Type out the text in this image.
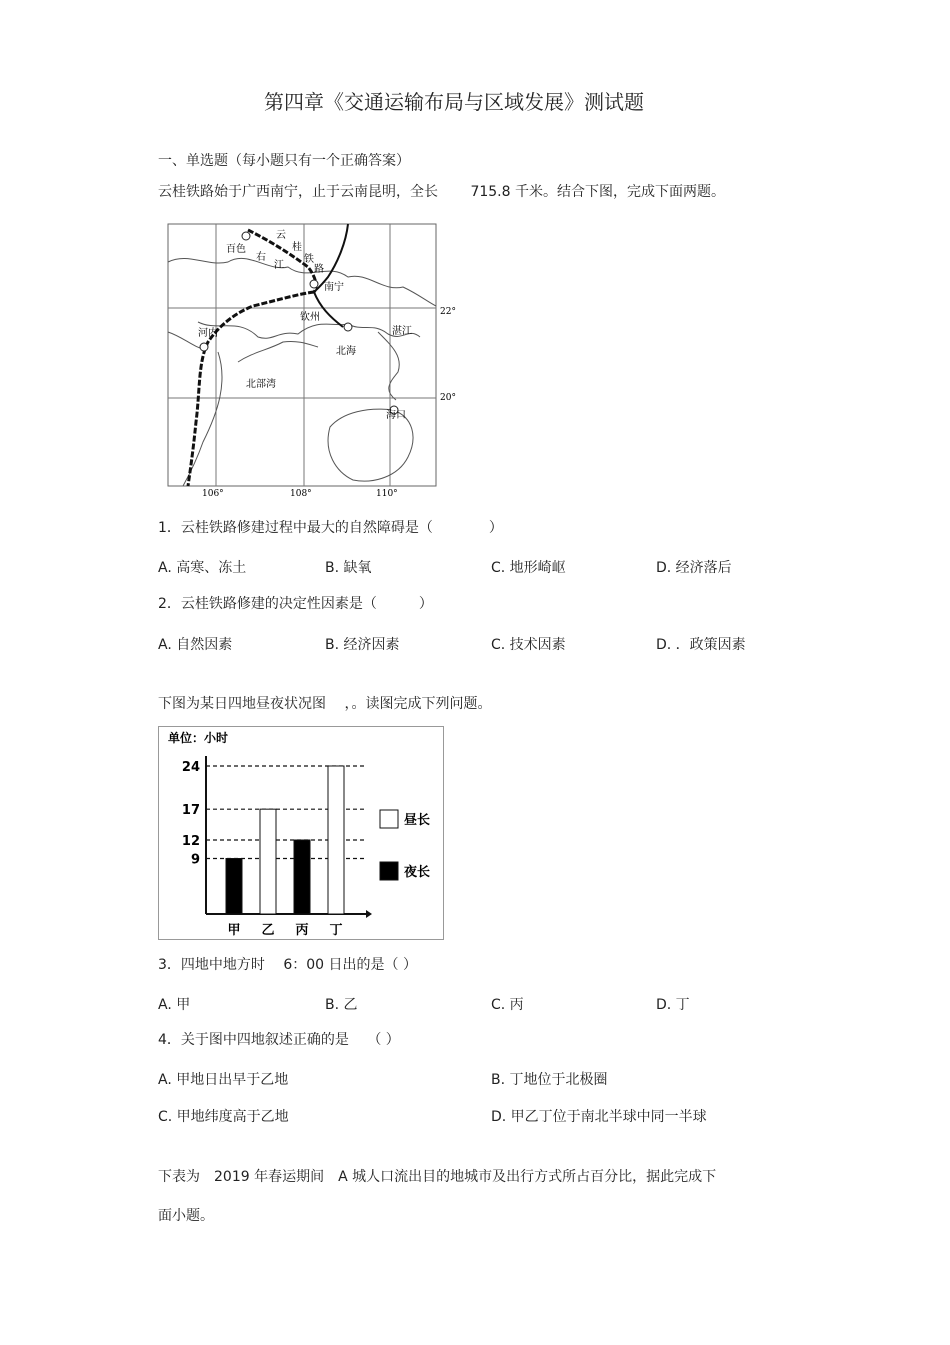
第四章《交通运输布局与区域发展》测试题
一、单选题（每小题只有一个正确答案）
云桂铁路始于广西南宁，止于云南昆明，全长　　 715.8 千米。结合下图，完成下面两题。
百色
右
江
云
桂
铁
路
南宁
钦州
河内
北海
湛江
北部湾
海口
22°
20°
106°	108°	110°
1．云桂铁路修建过程中最大的自然障碍是（　　　　）
A. 高寒、冻土	B. 缺氧	C. 地形崎岖	D. 经济落后
2．云桂铁路修建的决定性因素是（　　　）
A. 自然因素	B. 经济因素	C. 技术因素	D. ．政策因素
下图为某日四地昼夜状况图　 ，。读图完成下列问题。
单位：小时
24
17
12
9
甲 乙 丙 丁
昼长
夜长
3．四地中地方时　 6：00 日出的是（ ）
A. 甲	B. 乙	C. 丙	D. 丁
4．关于图中四地叙述正确的是　 （ ）
A. 甲地日出早于乙地	B. 丁地位于北极圈
C. 甲地纬度高于乙地	D. 甲乙丁位于南北半球中同一半球
下表为　2019 年春运期间　A 城人口流出目的地城市及出行方式所占百分比，据此完成下
面小题。
